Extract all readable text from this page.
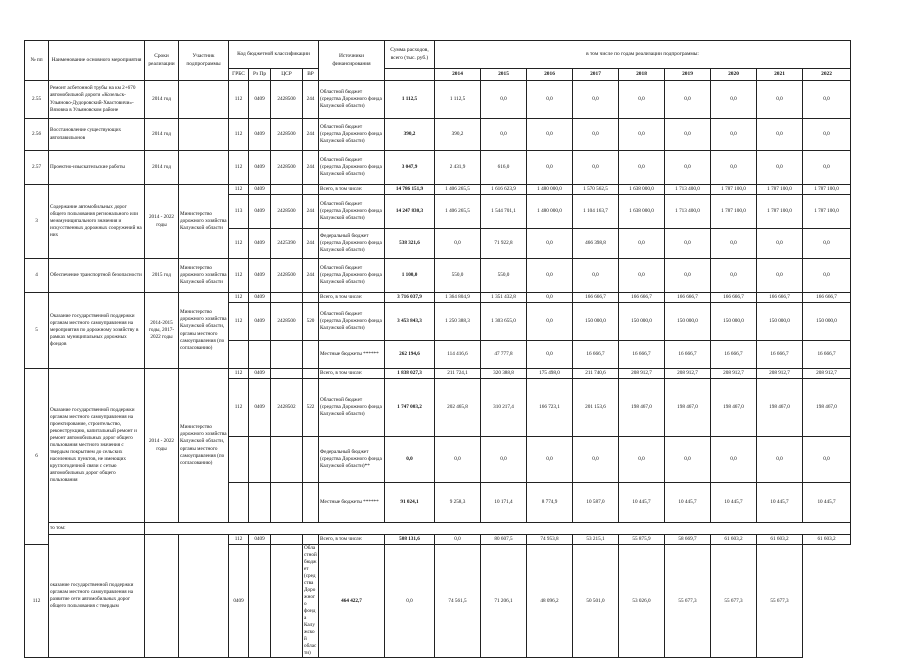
№ пп	Наименование основного мероприятия	Сроки реализации	Участник подпрограммы	Код бюджетной классификации				Источники финансирования	Сумма расходов, всего (тыс. руб.)	в том числе по годам реализации подпрограммы:								
				ГРБС	Рз Пр	ЦСР	ВР			2014	2015	2016	2017	2018	2019	2020	2021	2022
2.55	Ремонт асбетонной трубы на км 2+670 автомобильной дороги «Козельск-Ульяново-Дудоровский-Хвастовичи»-Вязовна в Ульяновском районе	2014 год		112	0409	2428500	244	Областной бюджет (средства Дорожного фонда Калужской области)	1 112,5	1 112,5	0,0	0,0	0,0	0,0	0,0	0,0	0,0	0,0
2.56	Восстановление существующих автопавильонов	2014 год		112	0409	2428500	244	Областной бюджет (средства Дорожного фонда Калужской области)	390,2	390,2	0,0	0,0	0,0	0,0	0,0	0,0	0,0	0,0
2.57	Проектно-изыскательские работы	2014 год		112	0409	2428500	244	Областной бюджет (средства Дорожного фонда Калужской области)	3 047,9	2 431,9	616,0	0,0	0,0	0,0	0,0	0,0	0,0	0,0
3	Содержание автомобильных дорог общего пользования регионального или межмуниципального значения и искусственных дорожных сооружений на них	2014 - 2022 годы	Министерство дорожного хозяйства Калужской области	112	0409			Всего, в том числе:	14 786 151,9	1 406 265,5	1 616 623,9	1 480 000,0	1 570 562,5	1 638 000,0	1 713 400,0	1 787 100,0	1 787 100,0	1 787 100,0
				113	0409	2428500	244	Областной бюджет (средства Дорожного фонда Калужской области)	14 247 830,3	1 406 265,5	1 544 701,1	1 480 000,0	1 104 163,7	1 638 000,0	1 713 400,0	1 787 100,0	1 787 100,0	1 787 100,0
				112	0409	2425390	244	Федеральный бюджет (средства Дорожного фонда Калужской области)	538 321,6	0,0	71 922,8	0,0	466 398,8	0,0	0,0	0,0	0,0	0,0
4	Обеспечение транспортной безопасности	2015 год	Министерство дорожного хозяйства Калужской области	112	0409	2428500	244	Областной бюджет (средства Дорожного фонда Калужской области)	1 100,0	550,0	550,0	0,0	0,0	0,0	0,0	0,0	0,0	0,0
5	Оказание государственной поддержки органам местного самоуправления на мероприятия по дорожному хозяйству в рамках муниципальных дорожных фондов	2014-2015 годы, 2017-2022 годы	Министерство дорожного хозяйства Калужской области, органы местного самоуправления (по согласованию)	112	0409			Всего, в том числе:	3 716 037,9	1 364 804,9	1 351 432,8	0,0	166 666,7	166 666,7	166 666,7	166 666,7	166 666,7	166 666,7
				112	0409	2428500	520	Областной бюджет (средства Дорожного фонда Калужской области)	3 453 843,3	1 250 388,3	1 303 655,0	0,0	150 000,0	150 000,0	150 000,0	150 000,0	150 000,0	150 000,0
								Местные бюджеты ******	262 194,6	114 416,6	47 777,8	0,0	16 666,7	16 666,7	16 666,7	16 666,7	16 666,7	16 666,7
6	Оказание государственной поддержки органам местного самоуправления на проектирование, строительство, реконструкцию, капитальный ремонт и ремонт автомобильных дорог общего пользования местного значения с твердым покрытием до сельских населенных пунктов, не имеющих круглогодичной связи с сетью автомобильных дорог общего пользования	2014 - 2022 годы	Министерство дорожного хозяйства Калужской области, органы местного самоуправления (по согласованию)	112	0409			Всего, в том числе:	1 838 027,3	211 724,1	320 388,8	175 498,0	211 740,6	208 912,7	208 912,7	208 912,7	208 912,7	208 912,7
				112	0409	2428502	522	Областной бюджет (средства Дорожного фонда Калужской области)	1 747 003,2	202 465,8	310 217,4	166 723,1	201 153,6	198 467,0	198 467,0	198 467,0	198 467,0	198 467,0
								Федеральный бюджет (средства Дорожного фонда Калужской области)**	0,0	0,0	0,0	0,0	0,0	0,0	0,0	0,0	0,0	0,0
								Местные бюджеты ******	91 024,1	9 258,3	10 171,4	8 774,9	10 587,0	10 445,7	10 445,7	10 445,7	10 445,7	10 445,7
	то том:																	
	оказание государственной поддержки органам местного самоуправления на развитие сети автомобильных дорог общего пользования с твердым			112	0409			Всего, в том числе:	508 131,6	0,0	80 607,5	74 953,8	53 215,1	55 875,9	58 669,7	61 603,2	61 603,2	61 603,2
112				0409			Областной бюджет (средства Дорожного фонда Калужской области)	464 422,7	0,0	74 561,5	71 206,1	48 096,2	50 501,0	53 026,0	55 677,3	55 677,3	55 677,3	
